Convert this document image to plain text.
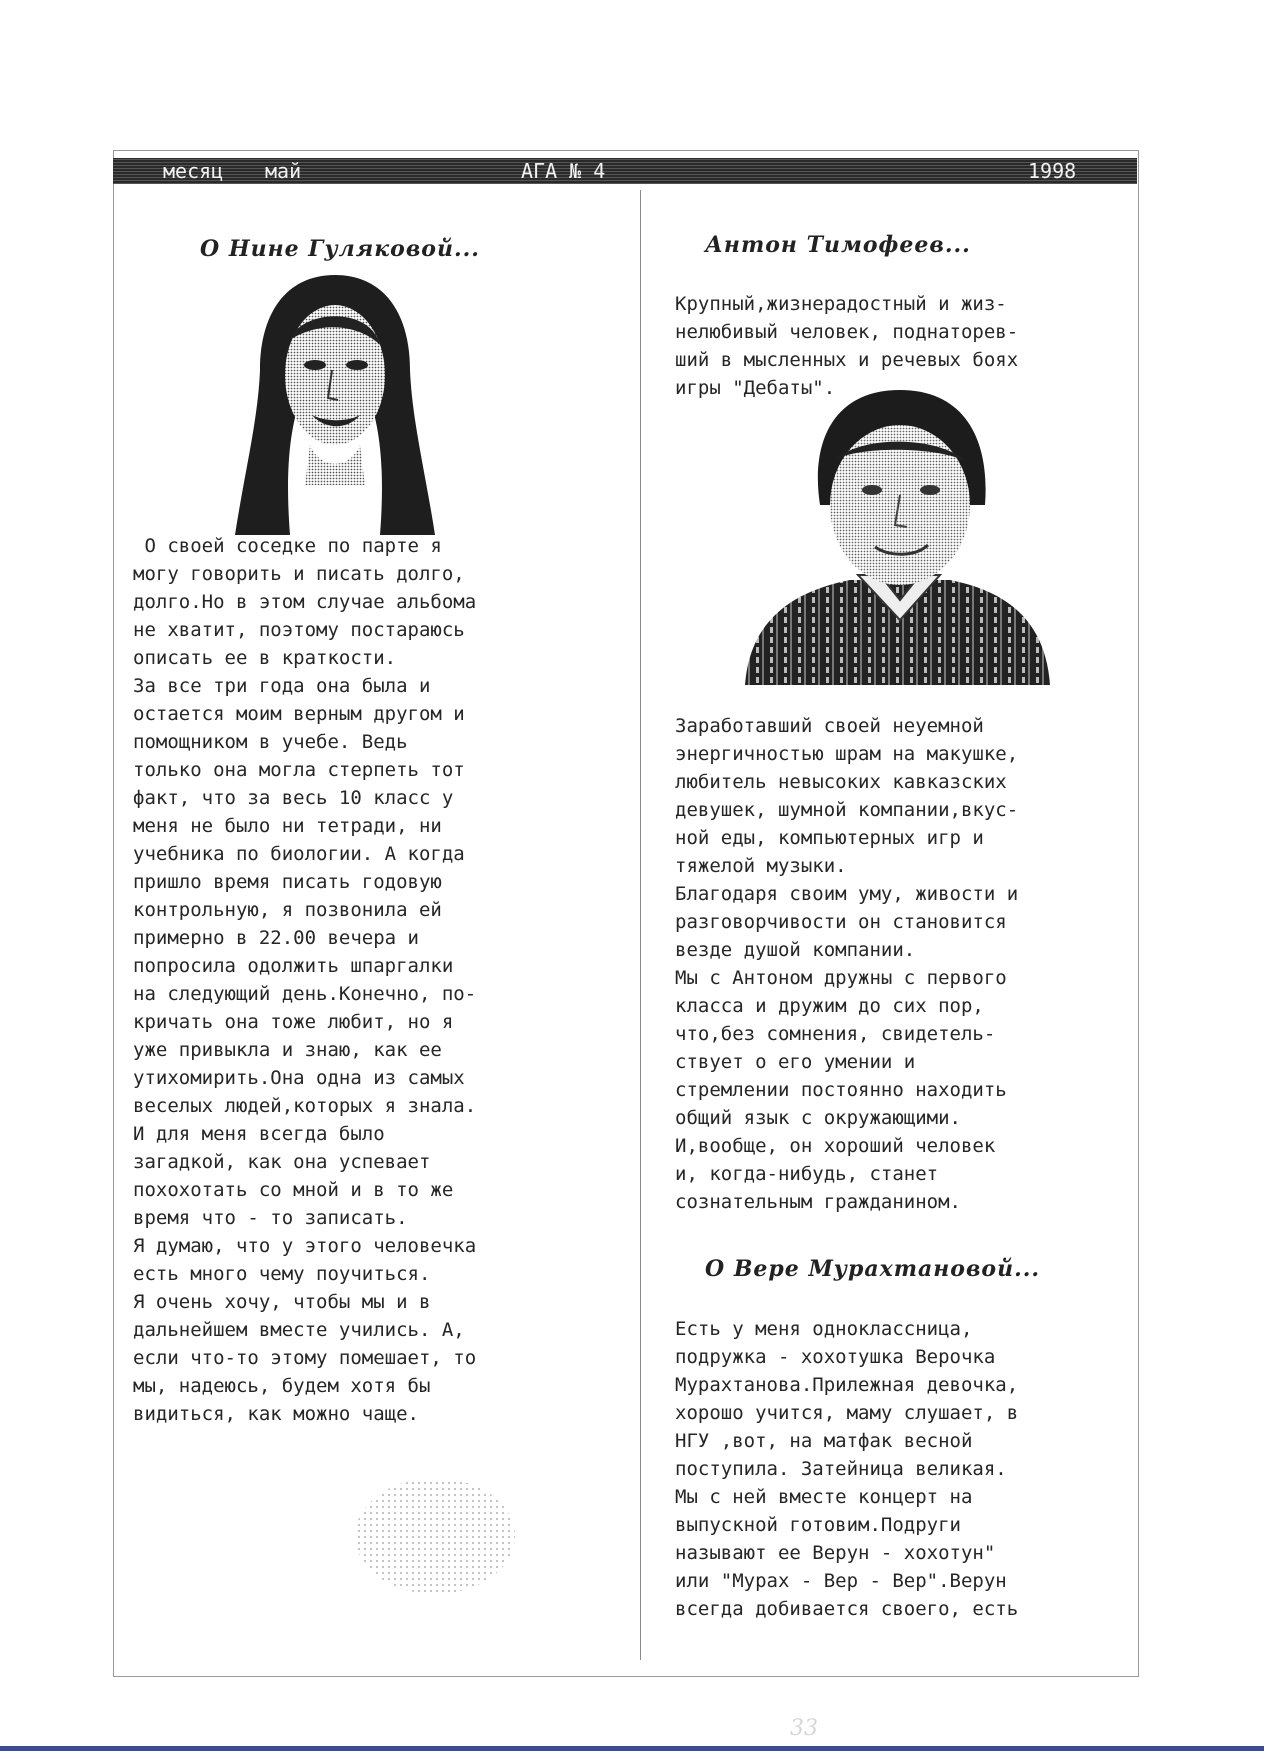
месяц май	АГА № 4	1998
О Нине Гуляковой...
О своей соседке по парте я
могу говорить и писать долго,
долго.Но в этом случае альбома
не хватит, поэтому постараюсь
описать ее в краткости.
За все три года она была и
остается моим верным другом и
помощником в учебе. Ведь
только она могла стерпеть тот
факт, что за весь 10 класс у
меня не было ни тетради, ни
учебника по биологии. А когда
пришло время писать годовую
контрольную, я позвонила ей
примерно в 22.00 вечера и
попросила одолжить шпаргалки
на следующий день.Конечно, по-
кричать она тоже любит, но я
уже привыкла и знаю, как ее
утихомирить.Она одна из самых
веселых людей,которых я знала.
И для меня всегда было
загадкой, как она успевает
похохотать со мной и в то же
время что - то записать.
Я думаю, что у этого человечка
есть много чему поучиться.
Я очень хочу, чтобы мы и в
дальнейшем вместе учились. А,
если что-то этому помешает, то
мы, надеюсь, будем хотя бы
видиться, как можно чаще.
Антон Тимофеев...
Крупный,жизнерадостный и жиз-
нелюбивый человек, поднаторев-
ший в мысленных и речевых боях
игры "Дебаты".
Заработавший своей неуемной
энергичностью шрам на макушке,
любитель невысоких кавказских
девушек, шумной компании,вкус-
ной еды, компьютерных игр и
тяжелой музыки.
Благодаря своим уму, живости и
разговорчивости он становится
везде душой компании.
Мы с Антоном дружны с первого
класса и дружим до сих пор,
что,без сомнения, свидетель-
ствует о его умении и
стремлении постоянно находить
общий язык с окружающими.
И,вообще, он хороший человек
и, когда-нибудь, станет
сознательным гражданином.
О Вере Мурахтановой...
Есть у меня одноклассница,
подружка - хохотушка Верочка
Мурахтанова.Прилежная девочка,
хорошо учится, маму слушает, в
НГУ ,вот, на матфак весной
поступила. Затейница великая.
Мы с ней вместе концерт на
выпускной готовим.Подруги
называют ее Верун - хохотун"
или "Мурах - Вер - Вер".Верун
всегда добивается своего, есть
33
